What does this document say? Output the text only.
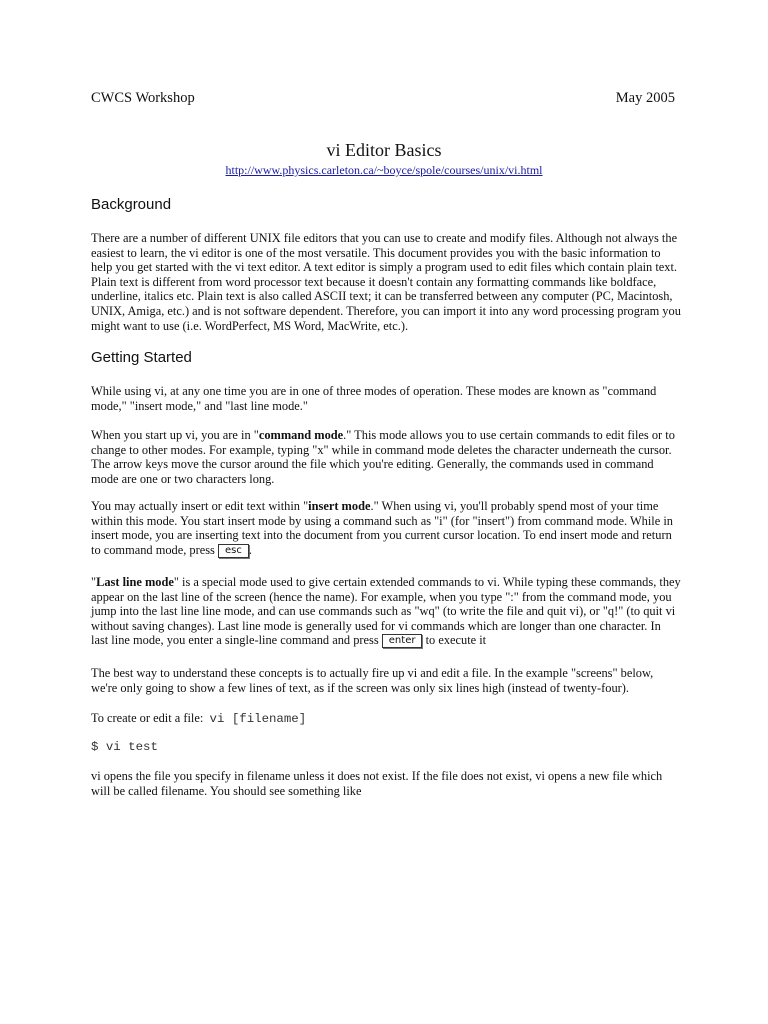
CWCS Workshop	May 2005
vi Editor Basics
http://www.physics.carleton.ca/~boyce/spole/courses/unix/vi.html
Background

There are a number of different UNIX file editors that you can use to create and modify files. Although not always the easiest to learn, the vi editor is one of the most versatile. This document provides you with the basic information to help you get started with the vi text editor. A text editor is simply a program used to edit files which contain plain text. Plain text is different from word processor text because it doesn't contain any formatting commands like boldface, underline, italics etc. Plain text is also called ASCII text; it can be transferred between any computer (PC, Macintosh, UNIX, Amiga, etc.) and is not software dependent. Therefore, you can import it into any word processing program you might want to use (i.e. WordPerfect, MS Word, MacWrite, etc.).

Getting Started

While using vi, at any one time you are in one of three modes of operation. These modes are known as "command mode," "insert mode," and "last line mode."

When you start up vi, you are in "command mode." This mode allows you to use certain commands to edit files or to change to other modes. For example, typing "x" while in command mode deletes the character underneath the cursor. The arrow keys move the cursor around the file which you're editing. Generally, the commands used in command mode are one or two characters long.

You may actually insert or edit text within "insert mode." When using vi, you'll probably spend most of your time within this mode. You start insert mode by using a command such as "i" (for "insert") from command mode. While in insert mode, you are inserting text into the document from you current cursor location. To end insert mode and return to command mode, press esc .

"Last line mode" is a special mode used to give certain extended commands to vi. While typing these commands, they appear on the last line of the screen (hence the name). For example, when you type ":" from the command mode, you jump into the last line line mode, and can use commands such as "wq" (to write the file and quit vi), or "q!" (to quit vi without saving changes). Last line mode is generally used for vi commands which are longer than one character. In last line mode, you enter a single-line command and press enter to execute it

The best way to understand these concepts is to actually fire up vi and edit a file. In the example "screens" below, we're only going to show a few lines of text, as if the screen was only six lines high (instead of twenty-four).

To create or edit a file: vi [filename]

$ vi test

vi opens the file you specify in filename unless it does not exist. If the file does not exist, vi opens a new file which will be called filename. You should see something like
